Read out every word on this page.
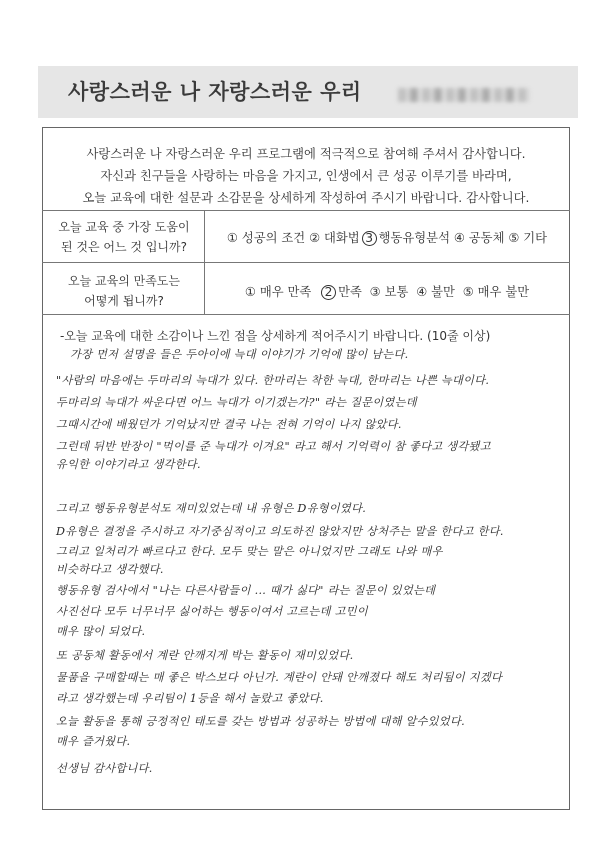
사랑스러운 나 자랑스러운 우리
사랑스러운 나 자랑스러운 우리 프로그램에 적극적으로 참여해 주셔서 감사합니다.
자신과 친구들을 사랑하는 마음을 가지고, 인생에서 큰 성공 이루기를 바라며,
오늘 교육에 대한 설문과 소감문을 상세하게 작성하여 주시기 바랍니다. 감사합니다.
오늘 교육 중 가장 도움이
된 것은 어느 것 입니까?
① 성공의 조건 ② 대화법 3 행동유형분석 ④ 공동체 ⑤ 기타
오늘 교육의 만족도는
어떻게 됩니까?
① 매우 만족 2 만족 ③ 보통 ④ 불만 ⑤ 매우 불만
-오늘 교육에 대한 소감이나 느낀 점을 상세하게 적어주시기 바랍니다. (10줄 이상)
가장 먼저 설명을 들은 두아이에 늑대 이야기가 기억에 많이 남는다.
"사람의 마음에는 두마리의 늑대가 있다. 한마리는 착한 늑대, 한마리는 나쁜 늑대이다.
두마리의 늑대가 싸운다면 어느 늑대가 이기겠는가?" 라는 질문이였는데
그때시간에 배웠던가 기억났지만 결국 나는 전혀 기억이 나지 않았다.
그런데 뒤반 반장이 "먹이를 준 늑대가 이겨요" 라고 해서 기억력이 참 좋다고 생각됐고
유익한 이야기라고 생각한다.
그리고 행동유형분석도 재미있었는데 내 유형은 D유형이였다.
D유형은 결정을 주시하고 자기중심적이고 의도하진 않았지만 상처주는 말을 한다고 한다.
그리고 일처리가 빠르다고 한다. 모두 맞는 말은 아니었지만 그래도 나와 매우
비슷하다고 생각했다.
행동유형 검사에서 "나는 다른사람들이 ... 때가 싫다" 라는 질문이 있었는데
사진선다 모두 너무너무 싫어하는 행동이여서 고르는데 고민이
매우 많이 되었다.
또 공동체 활동에서 계란 안깨지게 박는 활동이 재미있었다.
물품을 구매할때는 매 좋은 박스보다 아닌가. 계란이 안돼 안깨졌다 해도 처리됨이 지겠다
라고 생각했는데 우리팀이 1등을 해서 놀랐고 좋았다.
오늘 활동을 통해 긍정적인 태도를 갖는 방법과 성공하는 방법에 대해 알수있었다.
매우 즐거웠다.
선생님 감사합니다.
